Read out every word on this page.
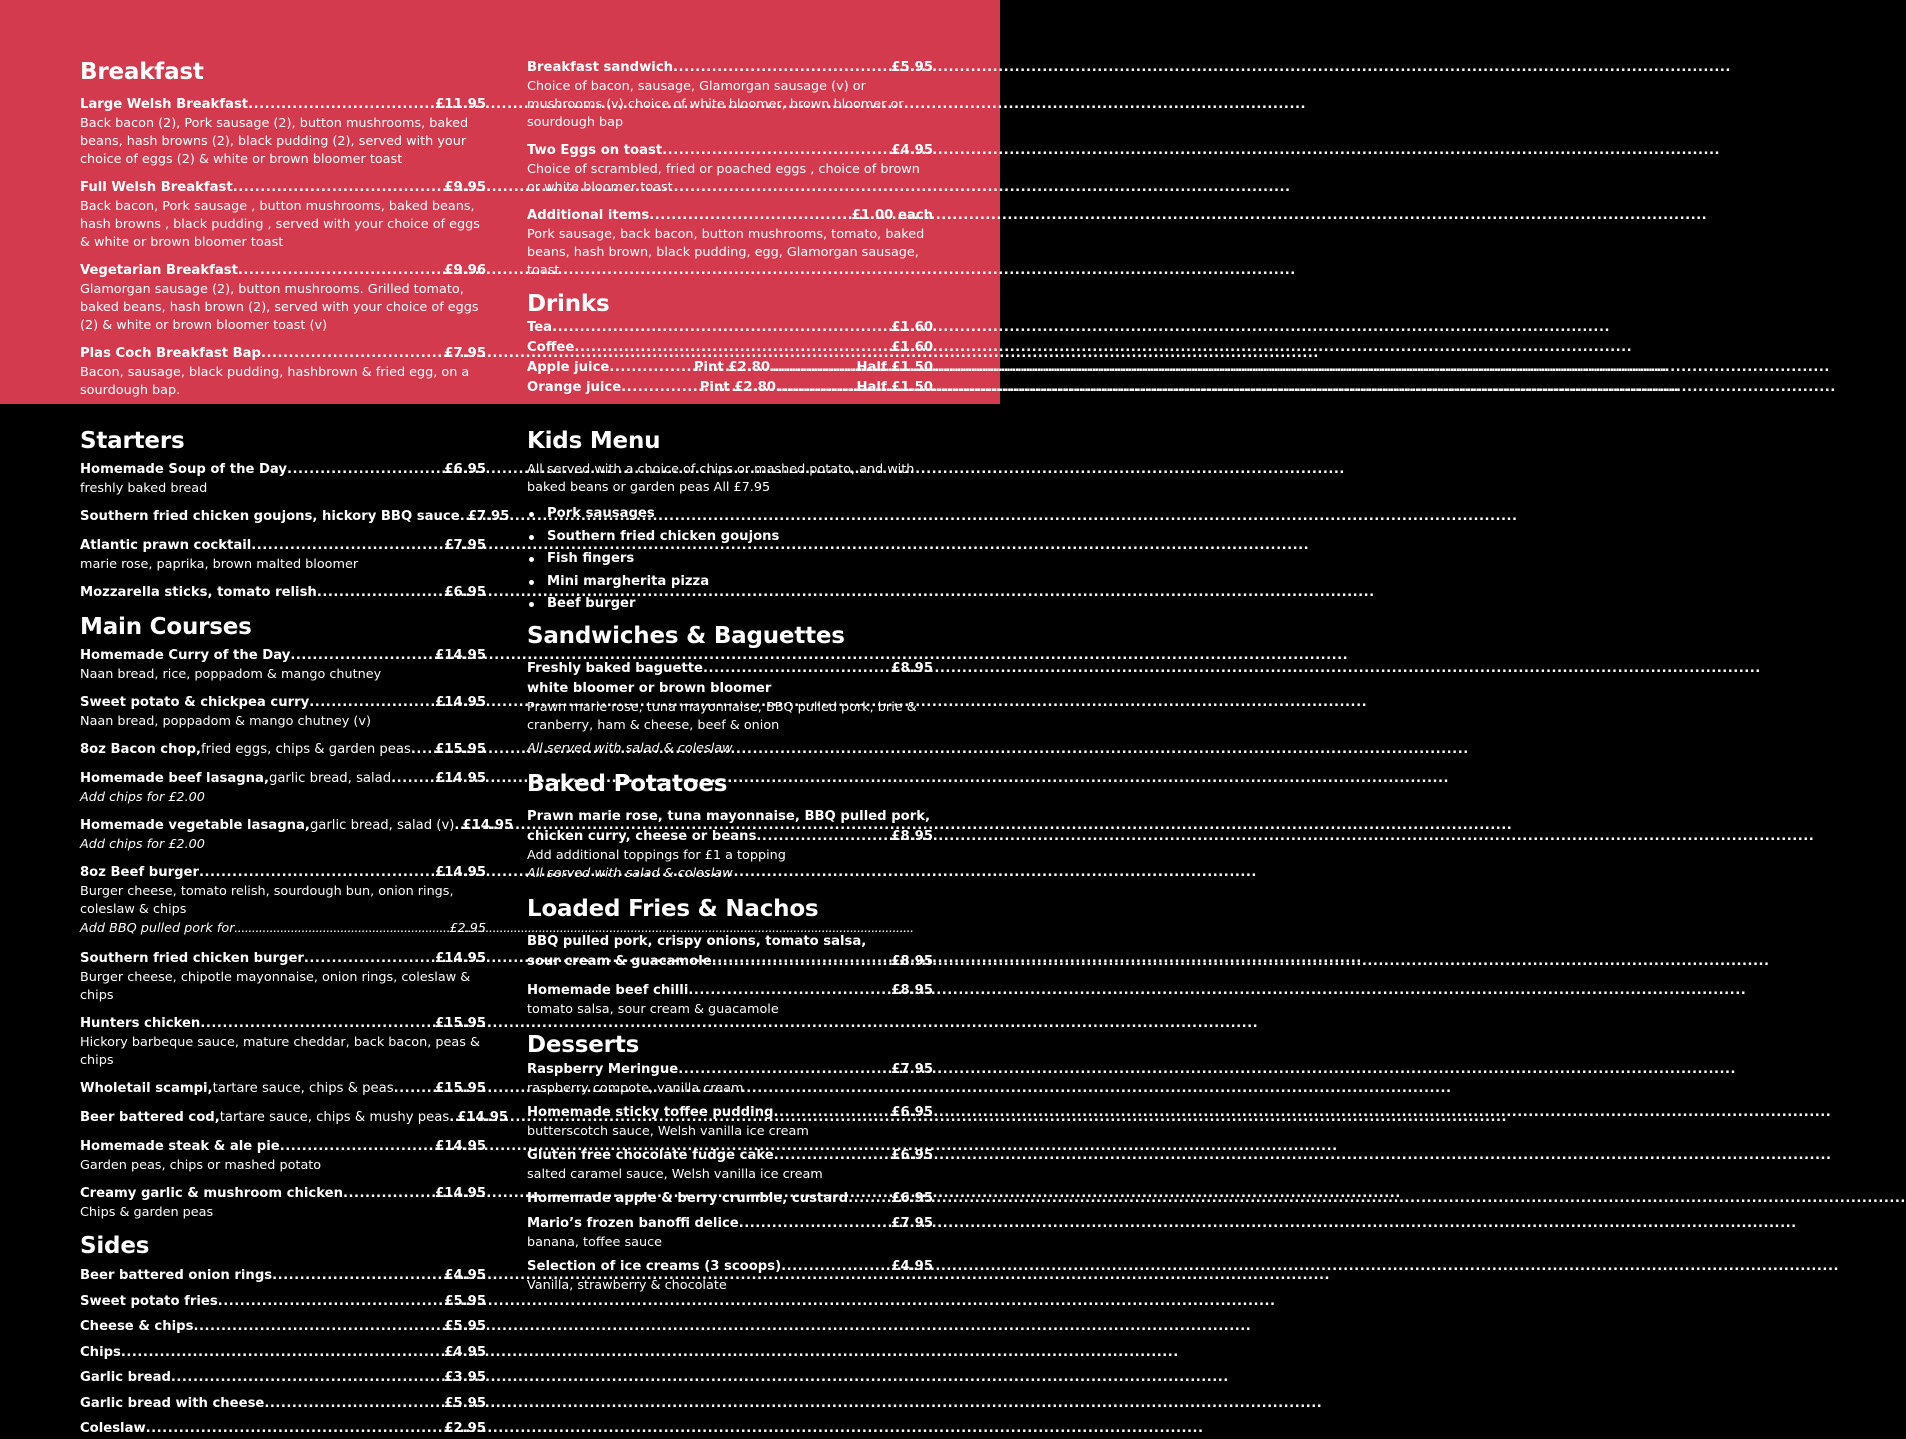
Breakfast
Large Welsh Breakfast .....	£11.95
Back bacon (2), Pork sausage (2), button mushrooms, baked beans, hash browns (2), black pudding (2), served with your choice of eggs (2) & white or brown bloomer toast
Full Welsh Breakfast .....	£9.95
Back bacon, Pork sausage , button mushrooms, baked beans, hash browns , black pudding , served with your choice of eggs & white or brown bloomer toast
Vegetarian Breakfast .....	£9.96
Glamorgan sausage (2), button mushrooms. Grilled tomato, baked beans, hash brown (2), served with your choice of eggs (2) & white or brown bloomer toast (v)
Plas Coch Breakfast Bap .....	£7.95
Bacon, sausage, black pudding, hashbrown & fried egg, on a sourdough bap.
Breakfast sandwich .....	£5.95
Choice of bacon, sausage, Glamorgan sausage (v) or mushrooms (v) choice of white bloomer, brown bloomer or sourdough bap
Two Eggs on toast .....	£4.95
Choice of scrambled, fried or poached eggs , choice of brown or white bloomer toast
Additional items .....	£1.00 each
Pork sausage, back bacon, button mushrooms, tomato, baked beans, hash brown, black pudding, egg, Glamorgan sausage, toast
Drinks
Tea .....	£1.60
Coffee .....	£1.60
Apple juice .....	Pint £2.80 .....	Half £1.50
Orange juice .....	Pint £2.80 .....	Half £1.50
Starters
Homemade Soup of the Day .....	£6.95
freshly baked bread
Southern fried chicken goujons, hickory BBQ sauce ..... £7.95
Atlantic prawn cocktail .....	£7.95
marie rose, paprika, brown malted bloomer
Mozzarella sticks, tomato relish .....	£6.95
Main Courses
Homemade Curry of the Day .....	£14.95
Naan bread, rice, poppadom & mango chutney
Sweet potato & chickpea curry .....	£14.95
Naan bread, poppadom & mango chutney (v)
8oz Bacon chop, fried eggs, chips & garden peas ..... £15.95
Homemade beef lasagna, garlic bread, salad .....	£14.95
Add chips for £2.00
Homemade vegetable lasagna, garlic bread, salad (v) ..... £14.95
Add chips for £2.00
8oz Beef burger .....	£14.95
Burger cheese, tomato relish, sourdough bun, onion rings, coleslaw & chips
Add BBQ pulled pork for .....	£2.95
Southern fried chicken burger .....	£14.95
Burger cheese, chipotle mayonnaise, onion rings, coleslaw & chips
Hunters chicken .....	£15.95
Hickory barbeque sauce, mature cheddar, back bacon, peas & chips
Wholetail scampi, tartare sauce, chips & peas .....	£15.95
Beer battered cod, tartare sauce, chips & mushy peas ..... £14.95
Homemade steak & ale pie .....	£14.95
Garden peas, chips or mashed potato
Creamy garlic & mushroom chicken .....	£14.95
Chips & garden peas
Sides
Beer battered onion rings .....	£4.95
Sweet potato fries .....	£5.95
Cheese & chips .....	£5.95
Chips .....	£4.95
Garlic bread .....	£3.95
Garlic bread with cheese .....	£5.95
Coleslaw .....	£2.95
Kids Menu
All served with a choice of chips or mashed potato, and with baked beans or garden peas All £7.95
Pork sausages
Southern fried chicken goujons
Fish fingers
Mini margherita pizza
Beef burger
Sandwiches & Baguettes
Freshly baked baguette .....	£8.95
white bloomer or brown bloomer
Prawn marie rose, tuna mayonnaise, BBQ pulled pork, brie & cranberry, ham & cheese, beef & onion
All served with salad & coleslaw
Baked Potatoes
Prawn marie rose, tuna mayonnaise, BBQ pulled pork,
chicken curry, cheese or beans .....	£8.95
Add additional toppings for £1 a topping
All served with salad & coleslaw
Loaded Fries & Nachos
BBQ pulled pork, crispy onions, tomato salsa,
sour cream & guacamole .....	£8.95
Homemade beef chilli .....	£8.95
tomato salsa, sour cream & guacamole
Desserts
Raspberry Meringue .....	£7.95
raspberry compote, vanilla cream
Homemade sticky toffee pudding .....	£6.95
butterscotch sauce, Welsh vanilla ice cream
Gluten free chocolate fudge cake .....	£6.95
salted caramel sauce, Welsh vanilla ice cream
Homemade apple & berry crumble, custard .....	£6.95
Mario’s frozen banoffi delice .....	£7.95
banana, toffee sauce
Selection of ice creams (3 scoops) .....	£4.95
Vanilla, strawberry & chocolate
